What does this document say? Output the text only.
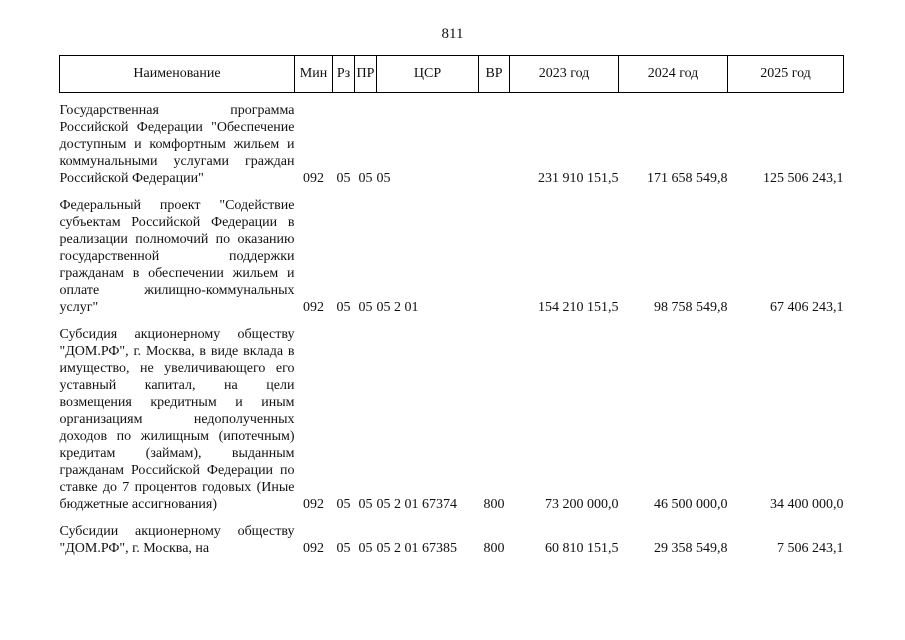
811
Наименование	Мин	Рз	ПР	ЦСР	ВР	2023 год	2024 год	2025 год

Государственная программа Российской Федерации "Обеспечение доступным и комфортным жильем и коммунальными услугами граждан Российской Федерации"	092	05	05	05		231 910 151,5	171 658 549,8	125 506 243,1

Федеральный проект "Содействие субъектам Российской Федерации в реализации полномочий по оказанию государственной поддержки гражданам в обеспечении жильем и оплате жилищно-коммунальных услуг"	092	05	05	05 2 01		154 210 151,5	98 758 549,8	67 406 243,1

Субсидия акционерному обществу "ДОМ.РФ", г. Москва, в виде вклада в имущество, не увеличивающего его уставный капитал, на цели возмещения кредитным и иным организациям недополученных доходов по жилищным (ипотечным) кредитам (займам), выданным гражданам Российской Федерации по ставке до 7 процентов годовых (Иные бюджетные ассигнования)	092	05	05	05 2 01 67374	800	73 200 000,0	46 500 000,0	34 400 000,0

Субсидии акционерному обществу "ДОМ.РФ", г. Москва, на	092	05	05	05 2 01 67385	800	60 810 151,5	29 358 549,8	7 506 243,1
